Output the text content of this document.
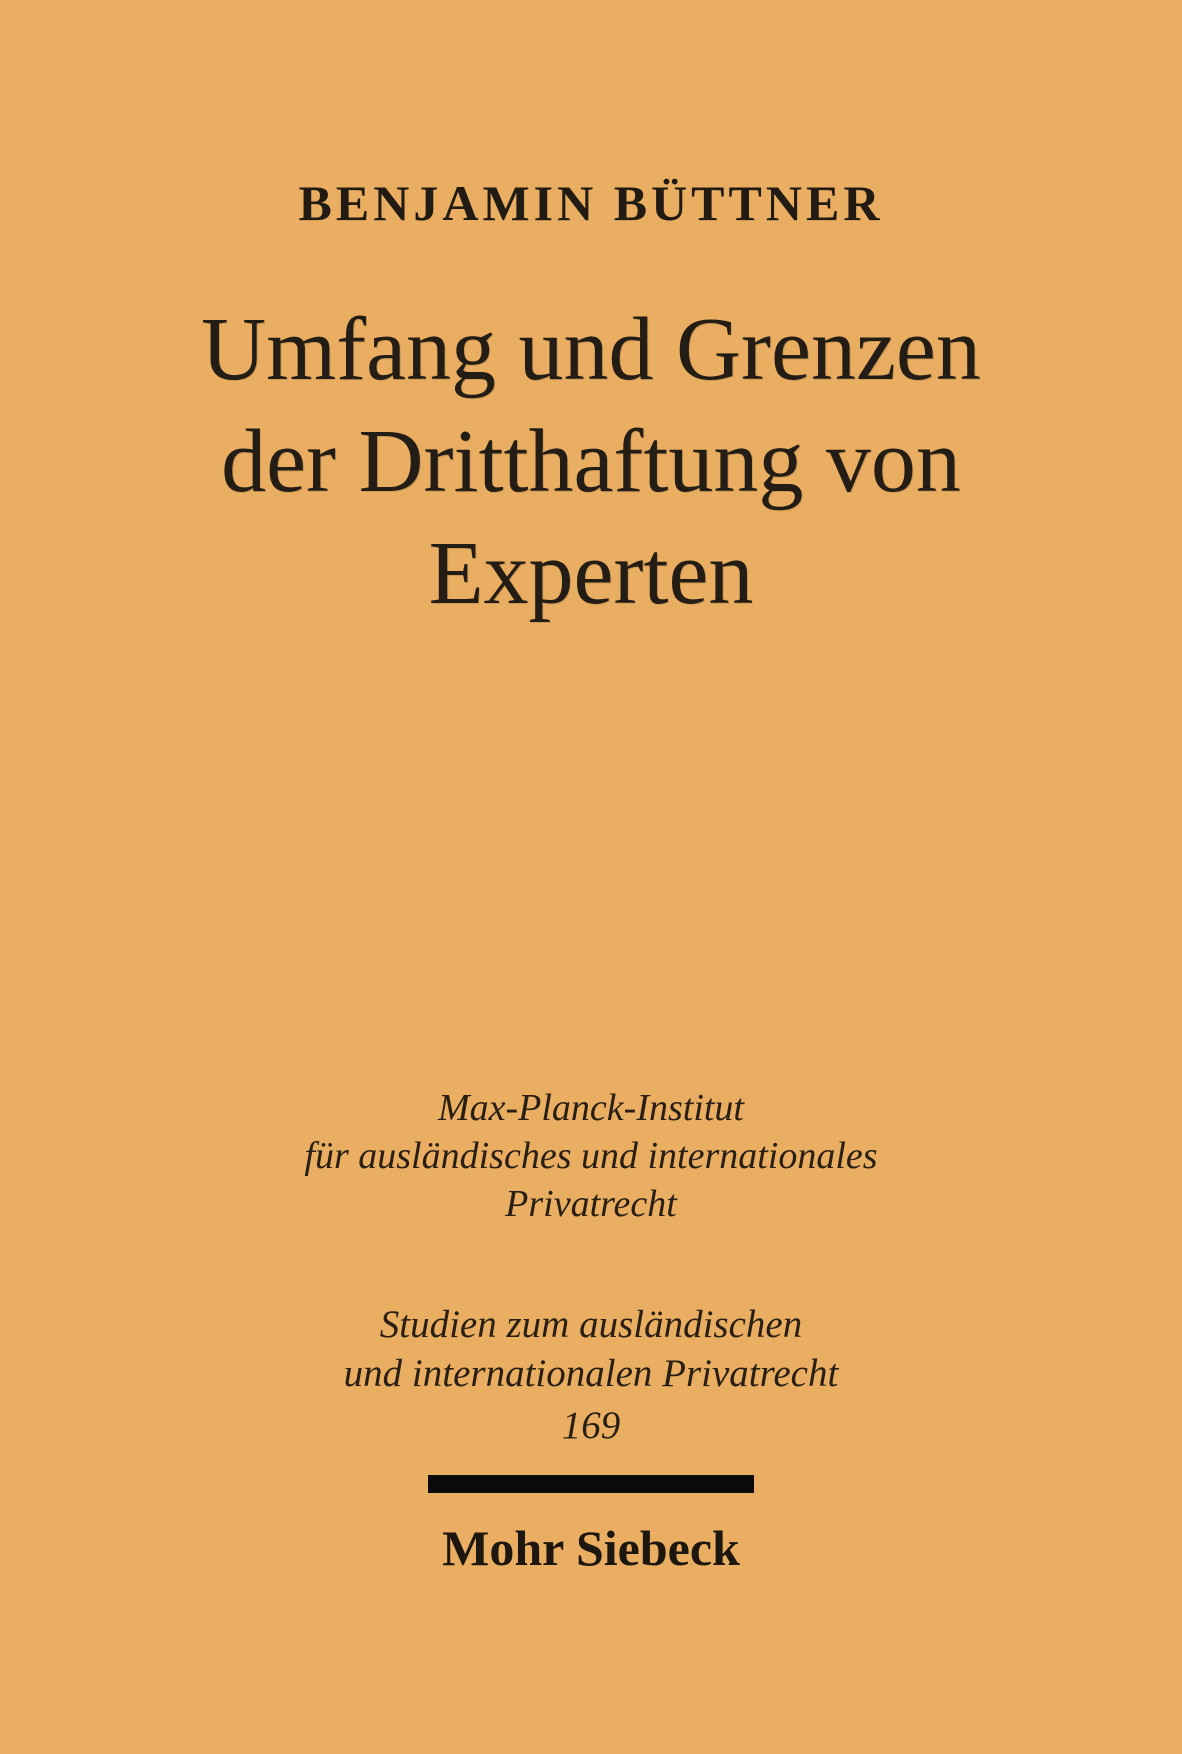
BENJAMIN BÜTTNER
Umfang und Grenzen
der Dritthaftung von
Experten
Max-Planck-Institut
für ausländisches und internationales
Privatrecht
Studien zum ausländischen
und internationalen Privatrecht
169
Mohr Siebeck
